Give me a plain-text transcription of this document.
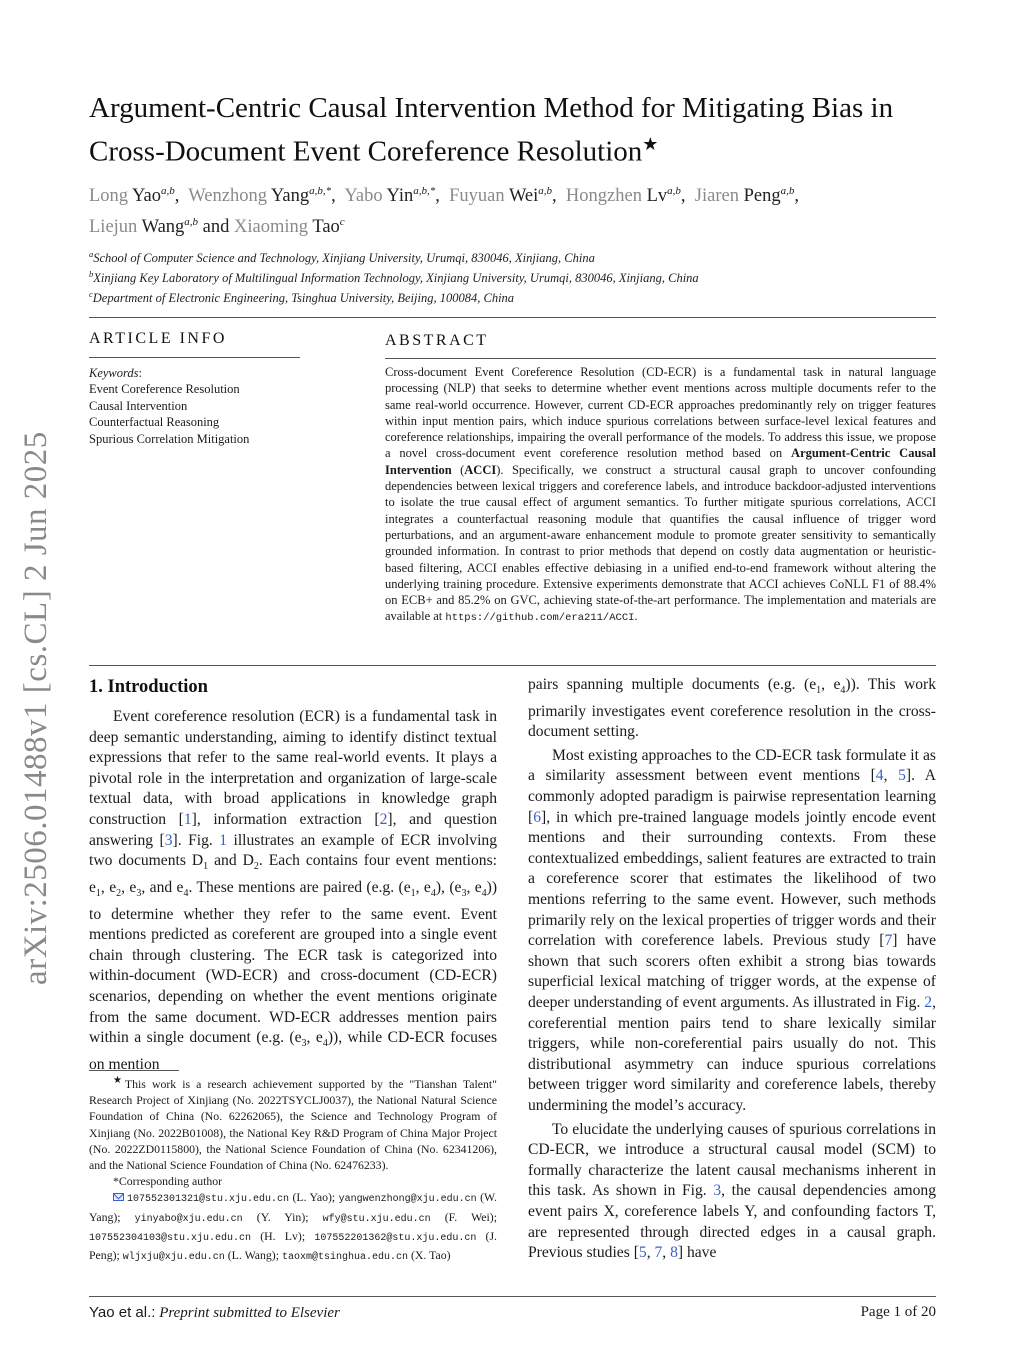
arXiv:2506.01488v1 [cs.CL] 2 Jun 2025
Argument-Centric Causal Intervention Method for Mitigating Bias in
Cross-Document Event Coreference Resolution★
Long Yao$^{a,b}$,  Wenzhong Yang$^{a,b,*}$,  Yabo Yin$^{a,b,*}$,  Fuyuan Wei$^{a,b}$,  Hongzhen Lv$^{a,b}$,  Jiaren Peng$^{a,b}$,
Liejun Wang$^{a,b}$ and Xiaoming Tao$^c$
$^a$School of Computer Science and Technology, Xinjiang University, Urumqi, 830046, Xinjiang, China
$^b$Xinjiang Key Laboratory of Multilingual Information Technology, Xinjiang University, Urumqi, 830046, Xinjiang, China
$^c$Department of Electronic Engineering, Tsinghua University, Beijing, 100084, China
ARTICLE INFO
Keywords:
Event Coreference Resolution
Causal Intervention
Counterfactual Reasoning
Spurious Correlation Mitigation
ABSTRACT
Cross-document Event Coreference Resolution (CD-ECR) is a fundamental task in natural language processing (NLP) that seeks to determine whether event mentions across multiple documents refer to the same real-world occurrence. However, current CD-ECR approaches predominantly rely on trigger features within input mention pairs, which induce spurious correlations between surface-level lexical features and coreference relationships, impairing the overall performance of the models. To address this issue, we propose a novel cross-document event coreference resolution method based on Argument-Centric Causal Intervention (ACCI). Specifically, we construct a structural causal graph to uncover confounding dependencies between lexical triggers and coreference labels, and introduce backdoor-adjusted interventions to isolate the true causal effect of argument semantics. To further mitigate spurious correlations, ACCI integrates a counterfactual reasoning module that quantifies the causal influence of trigger word perturbations, and an argument-aware enhancement module to promote greater sensitivity to semantically grounded information. In contrast to prior methods that depend on costly data augmentation or heuristic-based filtering, ACCI enables effective debiasing in a unified end-to-end framework without altering the underlying training procedure. Extensive experiments demonstrate that ACCI achieves CoNLL F1 of 88.4% on ECB+ and 85.2% on GVC, achieving state-of-the-art performance. The implementation and materials are available at https://github.com/era211/ACCI.
1. Introduction

Event coreference resolution (ECR) is a fundamental task in deep semantic understanding, aiming to identify distinct textual expressions that refer to the same real-world events. It plays a pivotal role in the interpretation and organization of large-scale textual data, with broad applications in knowledge graph construction [1], information extraction [2], and question answering [3]. Fig. 1 illustrates an example of ECR involving two documents $D_1$ and $D_2$. Each contains four event mentions: $e_1$, $e_2$, $e_3$, and $e_4$. These mentions are paired (e.g. ($e_1$, $e_4$), ($e_3$, $e_4$)) to determine whether they refer to the same event. Event mentions predicted as coreferent are grouped into a single event chain through clustering. The ECR task is categorized into within-document (WD-ECR) and cross-document (CD-ECR) scenarios, depending on whether the event mentions originate from the same document. WD-ECR addresses mention pairs within a single document (e.g. ($e_3$, $e_4$)), while CD-ECR focuses on mention

★This work is a research achievement supported by the "Tianshan Talent" Research Project of Xinjiang (No. 2022TSYCLJ0037), the National Natural Science Foundation of China (No. 62262065), the Science and Technology Program of Xinjiang (No. 2022B01008), the National Key R&D Program of China Major Project (No. 2022ZD0115800), the National Science Foundation of China (No. 62341206), and the National Science Foundation of China (No. 62476233).
*Corresponding author
107552301321@stu.xju.edu.cn (L. Yao); yangwenzhong@xju.edu.cn (W. Yang); yinyabo@xju.edu.cn (Y. Yin); wfy@stu.xju.edu.cn (F. Wei); 107552304103@stu.xju.edu.cn (H. Lv); 107552201362@stu.xju.edu.cn (J. Peng); wljxju@xju.edu.cn (L. Wang); taoxm@tsinghua.edu.cn (X. Tao)

pairs spanning multiple documents (e.g. ($e_1$, $e_4$)). This work primarily investigates event coreference resolution in the cross-document setting.

Most existing approaches to the CD-ECR task formulate it as a similarity assessment between event mentions [4, 5]. A commonly adopted paradigm is pairwise representation learning [6], in which pre-trained language models jointly encode event mentions and their surrounding contexts. From these contextualized embeddings, salient features are extracted to train a coreference scorer that estimates the likelihood of two mentions referring to the same event. However, such methods primarily rely on the lexical properties of trigger words and their correlation with coreference labels. Previous study [7] have shown that such scorers often exhibit a strong bias towards superficial lexical matching of trigger words, at the expense of deeper understanding of event arguments. As illustrated in Fig. 2, coreferential mention pairs tend to share lexically similar triggers, while non-coreferential pairs usually do not. This distributional asymmetry can induce spurious correlations between trigger word similarity and coreference labels, thereby undermining the model’s accuracy.

To elucidate the underlying causes of spurious correlations in CD-ECR, we introduce a structural causal model (SCM) to formally characterize the latent causal mechanisms inherent in this task. As shown in Fig. 3, the causal dependencies among event pairs X, coreference labels Y, and confounding factors T, are represented through directed edges in a causal graph. Previous studies [5, 7, 8] have

Yao et al.: Preprint submitted to Elsevier	Page 1 of 20
